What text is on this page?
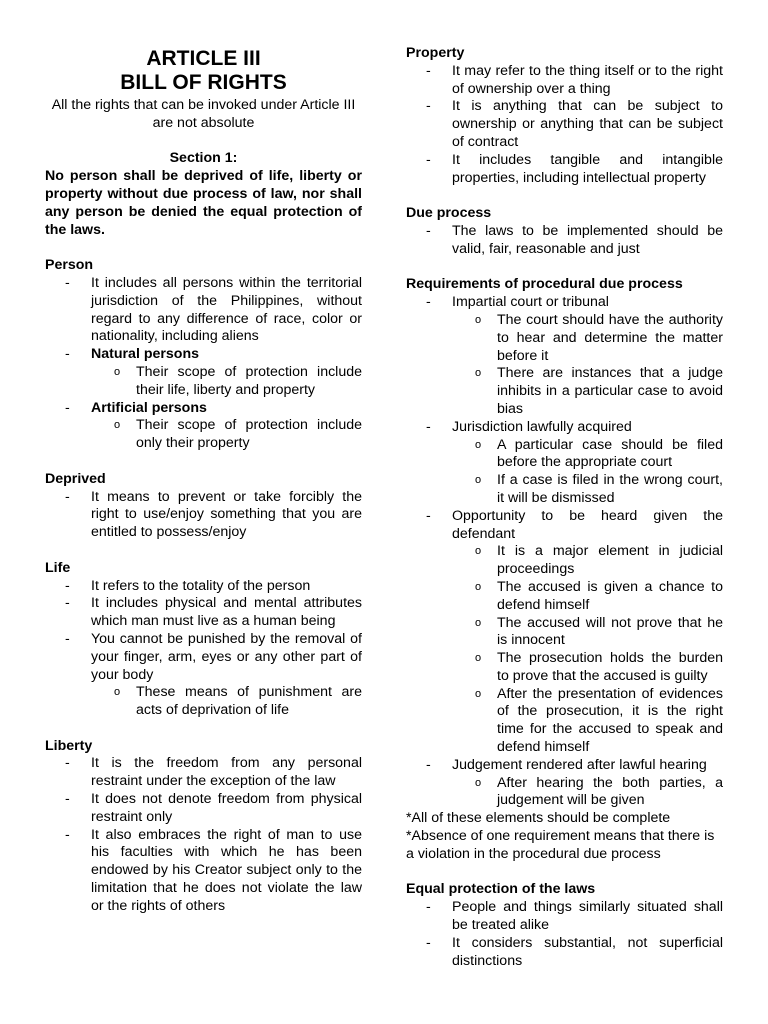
ARTICLE III
BILL OF RIGHTS
All the rights that can be invoked under Article III are not absolute
Section 1:
No person shall be deprived of life, liberty or property without due process of law, nor shall any person be denied the equal protection of the laws.
Person
- It includes all persons within the territorial jurisdiction of the Philippines, without regard to any difference of race, color or nationality, including aliens
- Natural persons
o Their scope of protection include their life, liberty and property
- Artificial persons
o Their scope of protection include only their property
Deprived
- It means to prevent or take forcibly the right to use/enjoy something that you are entitled to possess/enjoy
Life
- It refers to the totality of the person
- It includes physical and mental attributes which man must live as a human being
- You cannot be punished by the removal of your finger, arm, eyes or any other part of your body
o These means of punishment are acts of deprivation of life
Liberty
- It is the freedom from any personal restraint under the exception of the law
- It does not denote freedom from physical restraint only
- It also embraces the right of man to use his faculties with which he has been endowed by his Creator subject only to the limitation that he does not violate the law or the rights of others
Property
- It may refer to the thing itself or to the right of ownership over a thing
- It is anything that can be subject to ownership or anything that can be subject of contract
- It includes tangible and intangible properties, including intellectual property
Due process
- The laws to be implemented should be valid, fair, reasonable and just
Requirements of procedural due process
- Impartial court or tribunal
o The court should have the authority to hear and determine the matter before it
o There are instances that a judge inhibits in a particular case to avoid bias
- Jurisdiction lawfully acquired
o A particular case should be filed before the appropriate court
o If a case is filed in the wrong court, it will be dismissed
- Opportunity to be heard given the defendant
o It is a major element in judicial proceedings
o The accused is given a chance to defend himself
o The accused will not prove that he is innocent
o The prosecution holds the burden to prove that the accused is guilty
o After the presentation of evidences of the prosecution, it is the right time for the accused to speak and defend himself
- Judgement rendered after lawful hearing
o After hearing the both parties, a judgement will be given
*All of these elements should be complete
*Absence of one requirement means that there is a violation in the procedural due process
Equal protection of the laws
- People and things similarly situated shall be treated alike
- It considers substantial, not superficial distinctions
